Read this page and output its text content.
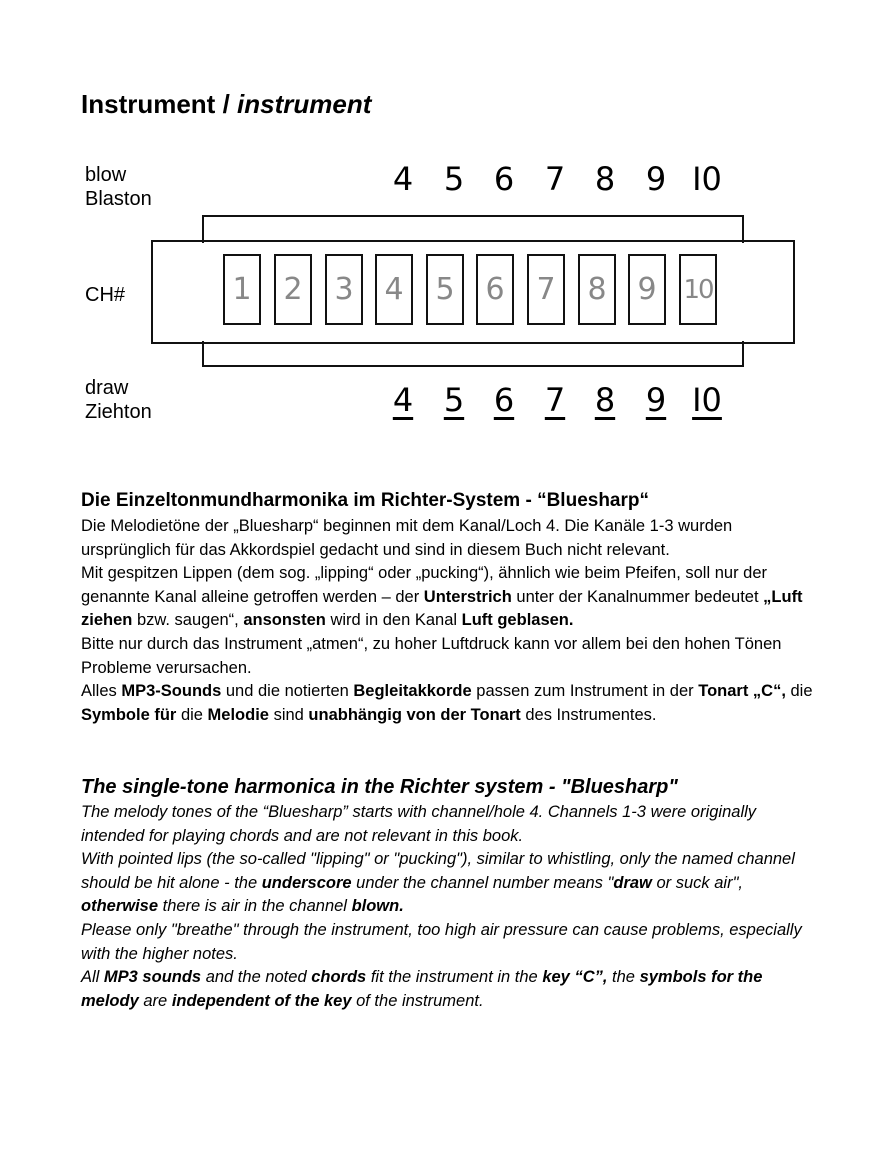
Instrument / instrument
blow
Blaston
CH#
draw
Ziehton
4 5 6 7 8 9 I0
1	2	3	4	5	6	7	8	9	10
4 5 6 7 8 9 I0
Die Einzeltonmundharmonika im Richter-System - “Bluesharp“

Die Melodietöne der „Bluesharp“ beginnen mit dem Kanal/Loch 4. Die Kanäle 1-3 wurden ursprünglich für das Akkordspiel gedacht und sind in diesem Buch nicht relevant.

Mit gespitzen Lippen (dem sog. „lipping“ oder „pucking“), ähnlich wie beim Pfeifen, soll nur der genannte Kanal alleine getroffen werden – der Unterstrich unter der Kanalnummer bedeutet „Luft ziehen bzw. saugen“, ansonsten wird in den Kanal Luft geblasen.

Bitte nur durch das Instrument „atmen“, zu hoher Luftdruck kann vor allem bei den hohen Tönen Probleme verursachen.

Alles MP3-Sounds und die notierten Begleitakkorde passen zum Instrument in der Tonart „C“, die Symbole für die Melodie sind unabhängig von der Tonart des Instrumentes.

The single-tone harmonica in the Richter system - "Bluesharp"

The melody tones of the “Bluesharp” starts with channel/hole 4. Channels 1-3 were originally intended for playing chords and are not relevant in this book.

With pointed lips (the so-called "lipping" or "pucking"), similar to whistling, only the named channel should be hit alone - the underscore under the channel number means "draw or suck air", otherwise there is air in the channel blown.

Please only "breathe" through the instrument, too high air pressure can cause problems, especially with the higher notes.

All MP3 sounds and the noted chords fit the instrument in the key “C”, the symbols for the melody are independent of the key of the instrument.
